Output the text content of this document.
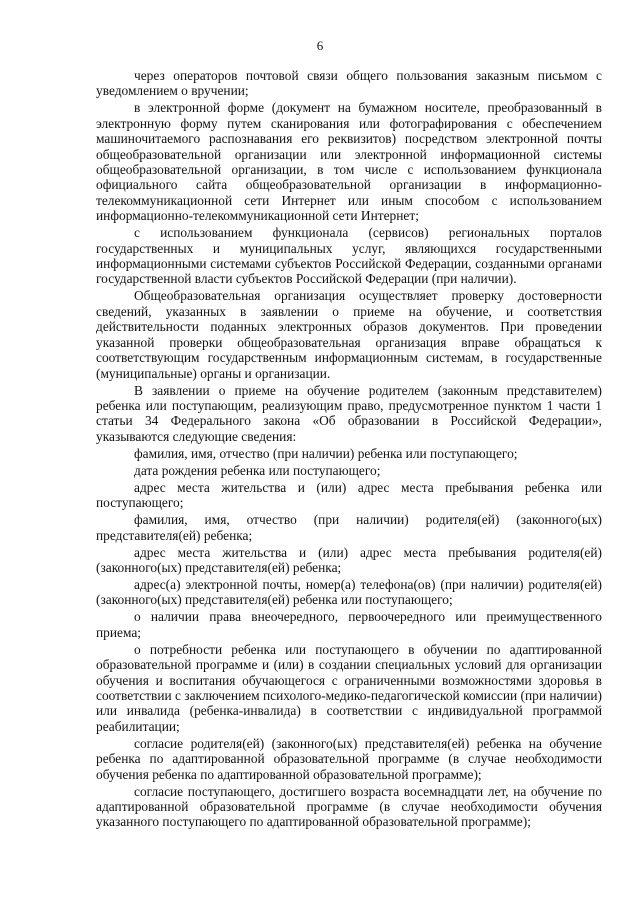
6

через операторов почтовой связи общего пользования заказным письмом с уведомлением о вручении;

в электронной форме (документ на бумажном носителе, преобразованный в электронную форму путем сканирования или фотографирования с обеспечением машиночитаемого распознавания его реквизитов) посредством электронной почты общеобразовательной организации или электронной информационной системы общеобразовательной организации, в том числе с использованием функционала официального сайта общеобразовательной организации в информационно-телекоммуникационной сети Интернет или иным способом с использованием информационно-телекоммуникационной сети Интернет;

с использованием функционала (сервисов) региональных порталов государственных и муниципальных услуг, являющихся государственными информационными системами субъектов Российской Федерации, созданными органами государственной власти субъектов Российской Федерации (при наличии).

Общеобразовательная организация осуществляет проверку достоверности сведений, указанных в заявлении о приеме на обучение, и соответствия действительности поданных электронных образов документов. При проведении указанной проверки общеобразовательная организация вправе обращаться к соответствующим государственным информационным системам, в государственные (муниципальные) органы и организации.

В заявлении о приеме на обучение родителем (законным представителем) ребенка или поступающим, реализующим право, предусмотренное пунктом 1 части 1 статьи 34 Федерального закона «Об образовании в Российской Федерации», указываются следующие сведения:

фамилия, имя, отчество (при наличии) ребенка или поступающего;

дата рождения ребенка или поступающего;

адрес места жительства и (или) адрес места пребывания ребенка или поступающего;

фамилия, имя, отчество (при наличии) родителя(ей) (законного(ых) представителя(ей) ребенка;

адрес места жительства и (или) адрес места пребывания родителя(ей) (законного(ых) представителя(ей) ребенка;

адрес(а) электронной почты, номер(а) телефона(ов) (при наличии) родителя(ей) (законного(ых) представителя(ей) ребенка или поступающего;

о наличии права внеочередного, первоочередного или преимущественного приема;

о потребности ребенка или поступающего в обучении по адаптированной образовательной программе и (или) в создании специальных условий для организации обучения и воспитания обучающегося с ограниченными возможностями здоровья в соответствии с заключением психолого-медико-педагогической комиссии (при наличии) или инвалида (ребенка-инвалида) в соответствии с индивидуальной программой реабилитации;

согласие родителя(ей) (законного(ых) представителя(ей) ребенка на обучение ребенка по адаптированной образовательной программе (в случае необходимости обучения ребенка по адаптированной образовательной программе);

согласие поступающего, достигшего возраста восемнадцати лет, на обучение по адаптированной образовательной программе (в случае необходимости обучения указанного поступающего по адаптированной образовательной программе);
